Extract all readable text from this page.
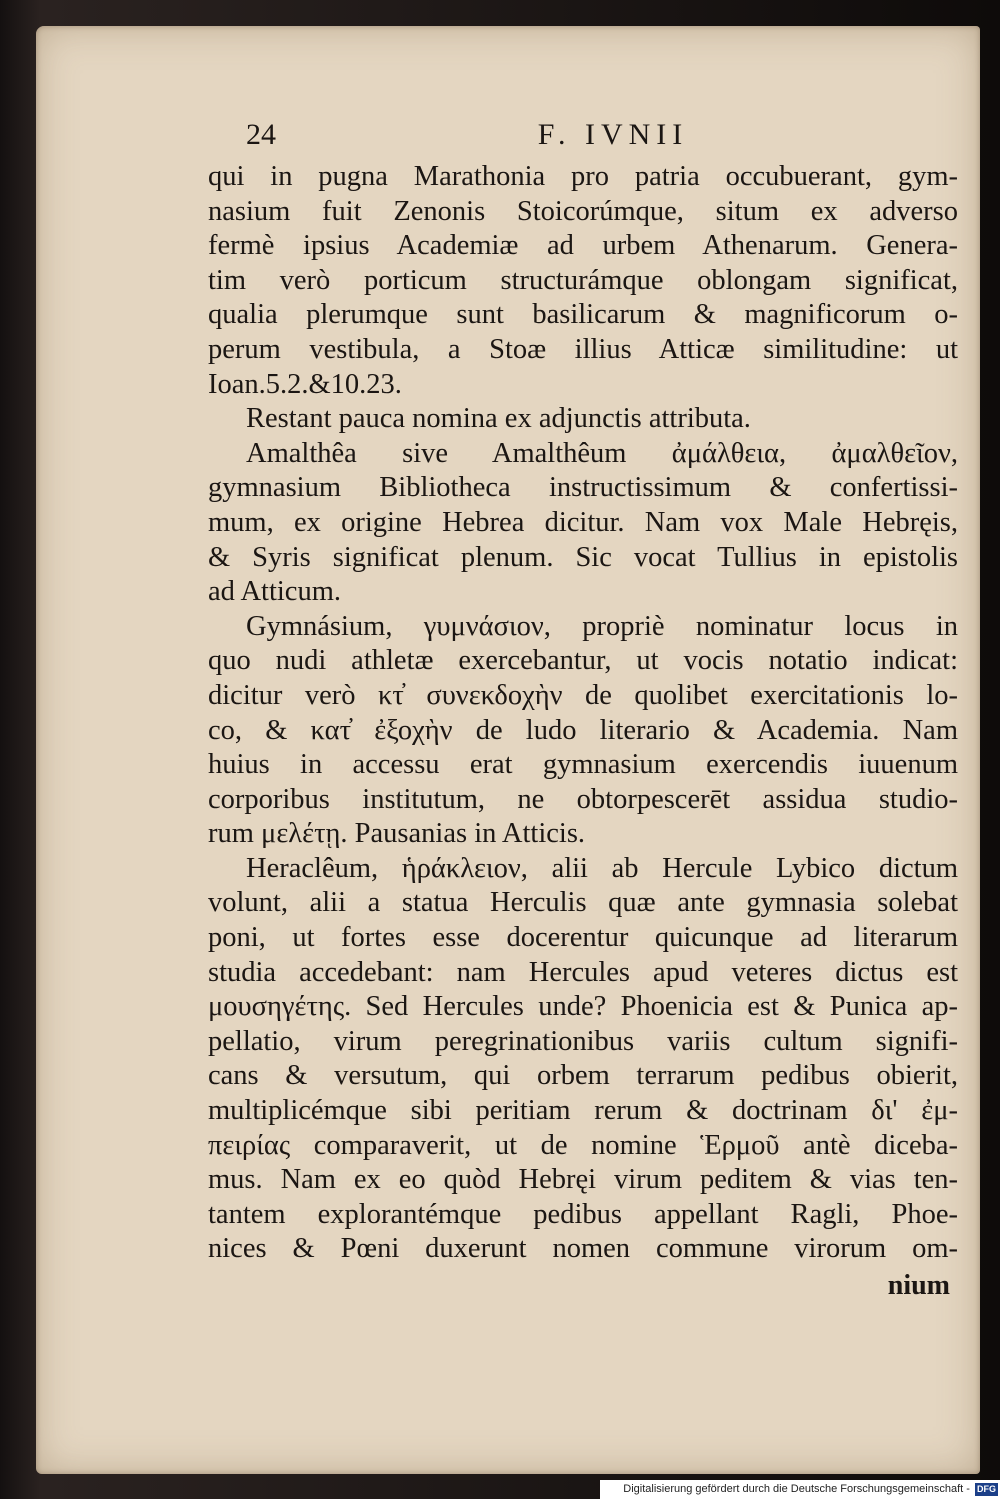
24	F. IVNII
qui in pugna Marathonia pro patria occubuerant, gym-
nasium fuit Zenonis Stoicorúmque, situm ex adverso
fermè ipsius Academiæ ad urbem Athenarum. Genera-
tim verò porticum structurámque oblongam significat,
qualia plerumque sunt basilicarum & magnificorum o-
perum vestibula, a Stoæ illius Atticæ similitudine: ut
Ioan.5.2.&10.23.
Restant pauca nomina ex adjunctis attributa.
Amalthêa sive Amalthêum ἀμάλθεια, ἀμαλθεῖον,
gymnasium Bibliotheca instructissimum & confertissi-
mum, ex origine Hebrea dicitur. Nam vox Male Hebręis,
& Syris significat plenum. Sic vocat Tullius in epistolis
ad Atticum.
Gymnásium, γυμνάσιον, propriè nominatur locus in
quo nudi athletæ exercebantur, ut vocis notatio indicat:
dicitur verò κτ̓ συνεκδοχὴν de quolibet exercitationis lo-
co, & κατ̓ ἐξοχὴν de ludo literario & Academia. Nam
huius in accessu erat gymnasium exercendis iuuenum
corporibus institutum, ne obtorpescerēt assidua studio-
rum μελέτῃ. Pausanias in Atticis.
Heraclêum, ἡράκλειον, alii ab Hercule Lybico dictum
volunt, alii a statua Herculis quæ ante gymnasia solebat
poni, ut fortes esse docerentur quicunque ad literarum
studia accedebant: nam Hercules apud veteres dictus est
μουσηγέτης. Sed Hercules unde? Phoenicia est & Punica ap-
pellatio, virum peregrinationibus variis cultum signifi-
cans & versutum, qui orbem terrarum pedibus obierit,
multiplicémque sibi peritiam rerum & doctrinam δι' ἐμ-
πειρίας comparaverit, ut de nomine Ἑρμοῦ antè diceba-
mus. Nam ex eo quòd Hebręi virum peditem & vias ten-
tantem explorantémque pedibus appellant Ragli, Phoe-
nices & Pœni duxerunt nomen commune virorum om-
nium
Digitalisierung gefördert durch die Deutsche Forschungsgemeinschaft - DFG
